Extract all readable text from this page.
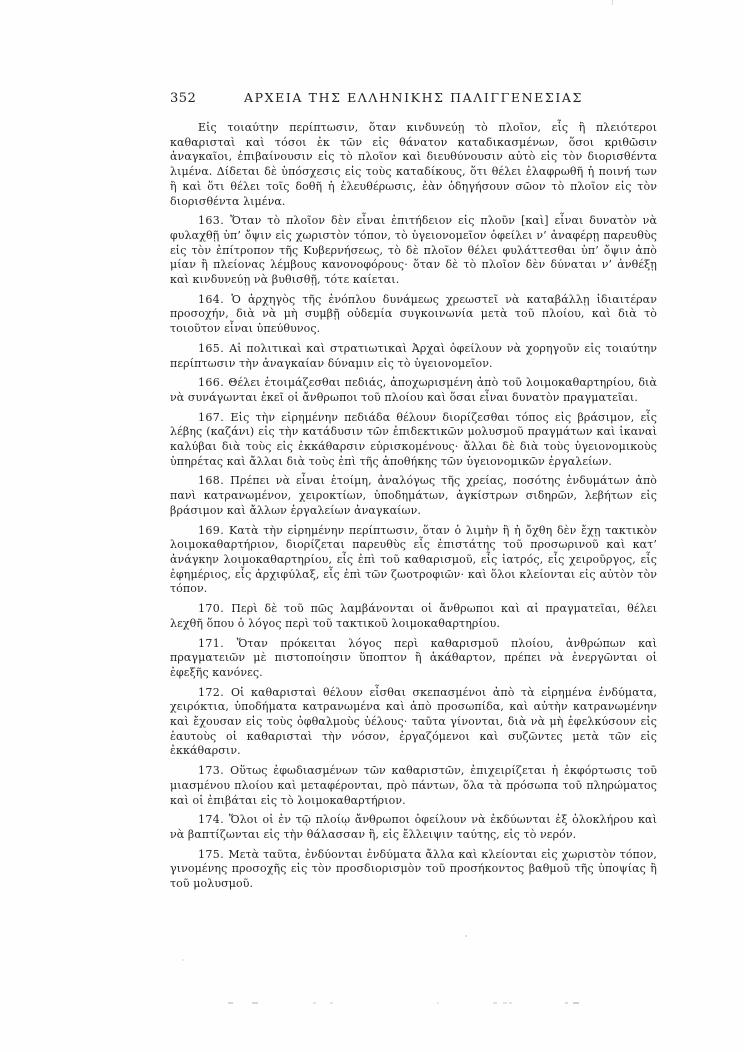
352	ΑΡΧΕΙΑ ΤΗΣ ΕΛΛΗΝΙΚΗΣ ΠΑΛΙΓΓΕΝΕΣΙΑΣ

Εἰς τοιαύτην περίπτωσιν, ὅταν κινδυνεύῃ τὸ πλοῖον, εἷς ἢ πλειότεροι καθαρισταὶ καὶ τόσοι ἐκ τῶν εἰς θάνατον καταδικασμένων, ὅσοι κριθῶσιν ἀναγκαῖοι, ἐπιβαίνουσιν εἰς τὸ πλοῖον καὶ διευθύνουσιν αὐτὸ εἰς τὸν διορισθέντα λιμένα. Δίδεται δὲ ὑπόσχεσις εἰς τοὺς καταδίκους, ὅτι θέλει ἐλαφρωθῆ ἡ ποινή των ἢ καὶ ὅτι θέλει τοῖς δοθῆ ἡ ἐλευθέρωσις, ἐὰν ὁδηγήσουν σῶον τὸ πλοῖον εἰς τὸν διορισθέντα λιμένα.

163. Ὅταν τὸ πλοῖον δὲν εἶναι ἐπιτήδειον εἰς πλοῦν [καὶ] εἶναι δυνατὸν νὰ φυλαχθῇ ὑπ’ ὄψιν εἰς χωριστὸν τόπον, τὸ ὑγειονομεῖον ὀφείλει ν’ ἀναφέρῃ παρευθὺς εἰς τὸν ἐπίτροπον τῆς Κυβερνήσεως, τὸ δὲ πλοῖον θέλει φυλάττεσθαι ὑπ’ ὄψιν ἀπὸ μίαν ἢ πλείονας λέμβους κανονοφόρους· ὅταν δὲ τὸ πλοῖον δὲν δύναται ν’ ἀνθέξῃ καὶ κινδυνεύῃ νὰ βυθισθῇ, τότε καίεται.

164. Ὁ ἀρχηγὸς τῆς ἐνόπλου δυνάμεως χρεωστεῖ νὰ καταβάλλῃ ἰδιαιτέραν προσοχήν, διὰ νὰ μὴ συμβῇ οὐδεμία συγκοινωνία μετὰ τοῦ πλοίου, καὶ διὰ τὸ τοιοῦτον εἶναι ὑπεύθυνος.

165. Αἱ πολιτικαὶ καὶ στρατιωτικαὶ Ἀρχαὶ ὀφείλουν νὰ χορηγοῦν εἰς τοιαύτην περίπτωσιν τὴν ἀναγκαίαν δύναμιν εἰς τὸ ὑγειονομεῖον.

166. Θέλει ἑτοιμάζεσθαι πεδιάς, ἀποχωρισμένη ἀπὸ τοῦ λοιμοκαθαρτηρίου, διὰ νὰ συνάγωνται ἐκεῖ οἱ ἄνθρωποι τοῦ πλοίου καὶ ὅσαι εἶναι δυνατὸν πραγματεῖαι.

167. Εἰς τὴν εἰρημένην πεδιάδα θέλουν διορίζεσθαι τόπος εἰς βράσιμον, εἷς λέβης (καζάνι) εἰς τὴν κατάδυσιν τῶν ἐπιδεκτικῶν μολυσμοῦ πραγμάτων καὶ ἱκαναὶ καλύβαι διὰ τοὺς εἰς ἐκκάθαρσιν εὑρισκομένους· ἄλλαι δὲ διὰ τοὺς ὑγειονομικοὺς ὑπηρέτας καὶ ἄλλαι διὰ τοὺς ἐπὶ τῆς ἀποθήκης τῶν ὑγειονομικῶν ἐργαλείων.

168. Πρέπει νὰ εἶναι ἑτοίμη, ἀναλόγως τῆς χρείας, ποσότης ἐνδυμάτων ἀπὸ πανὶ κατρανωμένον, χειροκτίων, ὑποδημάτων, ἀγκίστρων σιδηρῶν, λεβήτων εἰς βράσιμον καὶ ἄλλων ἐργαλείων ἀναγκαίων.

169. Κατὰ τὴν εἰρημένην περίπτωσιν, ὅταν ὁ λιμὴν ἢ ἡ ὄχθη δὲν ἔχῃ τακτικὸν λοιμοκαθαρτήριον, διορίζεται παρευθὺς εἷς ἐπιστάτης τοῦ προσωρινοῦ καὶ κατ’ ἀνάγκην λοιμοκαθαρτηρίου, εἷς ἐπὶ τοῦ καθαρισμοῦ, εἷς ἰατρός, εἷς χειροῦργος, εἷς ἐφημέριος, εἷς ἀρχιφύλαξ, εἷς ἐπὶ τῶν ζωοτροφιῶν· καὶ ὅλοι κλείονται εἰς αὐτὸν τὸν τόπον.

170. Περὶ δὲ τοῦ πῶς λαμβάνονται οἱ ἄνθρωποι καὶ αἱ πραγματεῖαι, θέλει λεχθῆ ὅπου ὁ λόγος περὶ τοῦ τακτικοῦ λοιμοκαθαρτηρίου.

171. Ὅταν πρόκειται λόγος περὶ καθαρισμοῦ πλοίου, ἀνθρώπων καὶ πραγματειῶν μὲ πιστοποίησιν ὕποπτον ἢ ἀκάθαρτον, πρέπει νὰ ἐνεργῶνται οἱ ἐφεξῆς κανόνες.

172. Οἱ καθαρισταὶ θέλουν εἶσθαι σκεπασμένοι ἀπὸ τὰ εἰρημένα ἐνδύματα, χειρόκτια, ὑποδήματα κατρανωμένα καὶ ἀπὸ προσωπίδα, καὶ αὐτὴν κατρανωμένην καὶ ἔχουσαν εἰς τοὺς ὀφθαλμοὺς ὑέλους· ταῦτα γίνονται, διὰ νὰ μὴ ἐφελκύσουν εἰς ἑαυτοὺς οἱ καθαρισταὶ τὴν νόσον, ἐργαζόμενοι καὶ συζῶντες μετὰ τῶν εἰς ἐκκάθαρσιν.

173. Οὕτως ἐφωδιασμένων τῶν καθαριστῶν, ἐπιχειρίζεται ἡ ἐκφόρτωσις τοῦ μιασμένου πλοίου καὶ μεταφέρονται, πρὸ πάντων, ὅλα τὰ πρόσωπα τοῦ πληρώματος καὶ οἱ ἐπιβάται εἰς τὸ λοιμοκαθαρτήριον.

174. Ὅλοι οἱ ἐν τῷ πλοίῳ ἄνθρωποι ὀφείλουν νὰ ἐκδύωνται ἐξ ὁλοκλήρου καὶ νὰ βαπτίζωνται εἰς τὴν θάλασσαν ἢ, εἰς ἔλλειψιν ταύτης, εἰς τὸ νερόν.

175. Μετὰ ταῦτα, ἐνδύονται ἐνδύματα ἄλλα καὶ κλείονται εἰς χωριστὸν τόπον, γινομένης προσοχῆς εἰς τὸν προσδιορισμὸν τοῦ προσήκοντος βαθμοῦ τῆς ὑποψίας ἢ τοῦ μολυσμοῦ.
